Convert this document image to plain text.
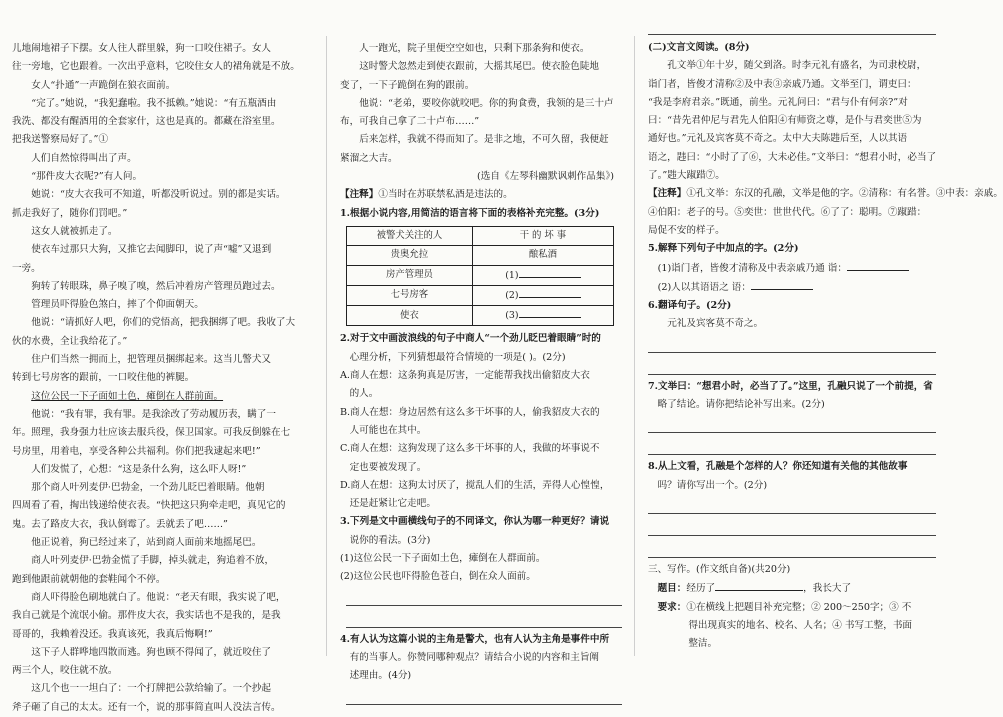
儿地闹地裙子下摆。女人往人群里躲，狗一口咬住裙子。女人

往一旁地，它也跟着。一次出乎意料，它咬住女人的裙角就是不放。

女人“扑通”一声跪倒在狼衣面前。

“完了。”她说，“我犯蠢啦。我不抵赖。”她说：“有五瓶酒由

我洗、都没有醒酒用的全套家什，这也是真的。都藏在浴室里。

把我送警察局好了。”①

人们自然惊得叫出了声。

“那件皮大衣呢?”有人问。

她说：“皮大衣我可不知道，听都没听说过。别的都是实话。

抓走我好了，随你们罚吧。”

这女人就被抓走了。

使衣车过那只大狗，又推它去闻脚印，说了声“嘘”又退到

一旁。

狗转了转眼珠，鼻子嗅了嗅，然后冲着房产管理员跑过去。

管理员吓得脸色煞白，摔了个仰面朝天。

他说：“请抓好人吧，你们的党悟高，把我捆绑了吧。我收了大

伙的水费，全让我给花了。”

住户们当然一拥而上，把管理员捆绑起来。这当儿警犬又

转到七号房客的跟前，一口咬住他的裤腿。

这位公民一下子面如土色，瘫倒在人群前面。

他说：“我有罪，我有罪。是我涂改了劳动履历表，瞒了一

年。照理，我身强力壮应该去服兵役，保卫国家。可我反倒躲在七

号房里，用着电，享受各种公共福利。你们把我逮起来吧!”

人们发慌了，心想：“这是条什么狗，这么吓人呀!”

那个商人叶列麦伊·巴勃金，一个劲儿眨巴着眼睛。他朝

四周看了看，掏出钱递给使衣表。“快把这只狗牵走吧，真见它的

鬼。去了路皮大衣，我认倒霉了。丢就丢了吧……”

他正说着，狗已经过来了，站到商人面前来地摇尾巴。

商人叶列麦伊·巴勃金慌了手脚，掉头就走，狗追着不放，

跑到他跟前就朝他的套鞋闻个不停。

商人吓得脸色刷地就白了。他说：“老天有眼，我实说了吧，

我自己就是个流氓小偷。那件皮大衣，我实话也不是我的，是我

哥哥的，我赖着没还。我真该死，我真后悔啊!”

这下子人群哗地四散而逃。狗也顾不得闻了，就近咬住了

两三个人，咬住就不放。

这几个也一一坦白了：一个打牌把公款给输了。一个抄起

斧子砸了自己的太太。还有一个，说的那事简直叫人没法言传。

人一跑光，院子里便空空如也，只剩下那条狗和使衣。

这时警犬忽然走到使衣跟前，大摇其尾巴。使衣脸色陡地

变了，一下子跪倒在狗的跟前。

他说：“老弟，要咬你就咬吧。你的狗食费，我领的是三十卢

布，可我自己拿了二十卢布……”

后来怎样，我就不得而知了。是非之地，不可久留，我便赶

紧溜之大吉。

(选自《左琴科幽默讽刺作品集》)

【注释】①当时在苏联禁私酒是违法的。

1.根据小说内容,用简洁的语言将下面的表格补充完整。(3分)

被警犬关注的人	干 的 坏 事
贵奥允拉	酿私酒
房产管理员	(1)
七号房客	(2)
使衣	(3)

2.对于文中画波浪线的句子中商人“一个劲儿眨巴着眼睛”时的

心理分析，下列猜想最符合情境的一项是( )。(2分)

A.商人在想：这条狗真是厉害，一定能帮我找出偷貂皮大衣

的人。

B.商人在想：身边居然有这么多干坏事的人，偷我貂皮大衣的

人可能也在其中。

C.商人在想：这狗发现了这么多干坏事的人，我做的坏事说不

定也要被发现了。

D.商人在想：这狗太讨厌了，搅乱人们的生活，弄得人心惶惶，

还是赶紧让它走吧。

3.下列是文中画横线句子的不同译文，你认为哪一种更好？请说

说你的看法。(3分)

(1)这位公民一下子面如土色，瘫倒在人群面前。

(2)这位公民也吓得脸色苍白，倒在众人面前。

4.有人认为这篇小说的主角是警犬，也有人认为主角是事件中所

有的当事人。你赞同哪种观点？请结合小说的内容和主旨阐

述理由。(4分)

(二)文言文阅读。(8分)

孔文举①年十岁，随父到洛。时李元礼有盛名，为司隶校尉，

诣门者，皆俊才清称②及中表③亲戚乃通。文举至门，谓吏曰：

“我是李府君亲。”既通，前坐。元礼问曰：“君与仆有何亲?”对

曰：“昔先君仲尼与君先人伯阳④有师资之尊，是仆与君奕世⑤为

通好也。”元礼及宾客莫不奇之。太中大夫陈韪后至，人以其语

语之，韪曰：“小时了了⑥，大未必佳。”文举曰：“想君小时，必当了

了。”韪大踧踖⑦。

【注释】①孔文举：东汉的孔融，文举是他的字。②清称：有名誉。③中表：亲戚。

④伯阳：老子的号。⑤奕世：世世代代。⑥了了：聪明。⑦踧踖：

局促不安的样子。

5.解释下列句子中加点的字。(2分)

(1)诣门者，皆俊才清称及中表亲戚乃通 诣：

(2)人以其语语之 语：

6.翻译句子。(2分)

元礼及宾客莫不奇之。

7.文举曰：“想君小时，必当了了。”这里，孔融只说了一个前提，省

略了结论。请你把结论补写出来。(2分)

8.从上文看，孔融是个怎样的人？你还知道有关他的其他故事

吗？请你写出一个。(2分)

三、写作。(作文纸自备)(共20分)

题目：经历了	，我长大了

要求：①在横线上把题目补充完整；② 200～250字；③ 不

得出现真实的地名、校名、人名；④ 书写工整，书面

整洁。
